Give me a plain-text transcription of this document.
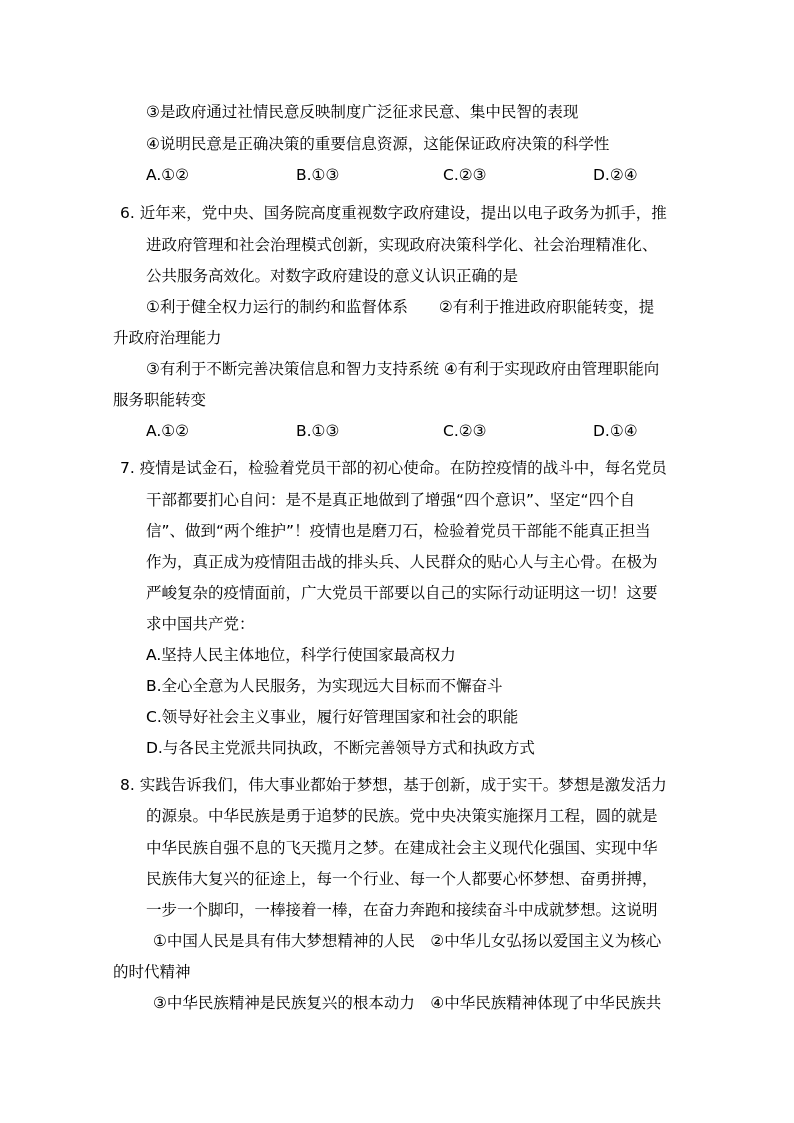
③是政府通过社情民意反映制度广泛征求民意、集中民智的表现
④说明民意是正确决策的重要信息资源，这能保证政府决策的科学性
A.①②	B.①③	C.②③	D.②④
6. 近年来，党中央、国务院高度重视数字政府建设，提出以电子政务为抓手，推
进政府管理和社会治理模式创新，实现政府决策科学化、社会治理精准化、
公共服务高效化。对数字政府建设的意义认识正确的是
①利于健全权力运行的制约和监督体系　　②有利于推进政府职能转变，提
升政府治理能力
③有利于不断完善决策信息和智力支持系统 ④有利于实现政府由管理职能向
服务职能转变
A.①②	B.①③	C.②③	D.①④
7. 疫情是试金石，检验着党员干部的初心使命。在防控疫情的战斗中，每名党员
干部都要扪心自问：是不是真正地做到了增强“四个意识”、坚定“四个自
信”、做到“两个维护”！疫情也是磨刀石，检验着党员干部能不能真正担当
作为，真正成为疫情阻击战的排头兵、人民群众的贴心人与主心骨。在极为
严峻复杂的疫情面前，广大党员干部要以自己的实际行动证明这一切！这要
求中国共产党：
A.坚持人民主体地位，科学行使国家最高权力
B.全心全意为人民服务，为实现远大目标而不懈奋斗
C.领导好社会主义事业，履行好管理国家和社会的职能
D.与各民主党派共同执政，不断完善领导方式和执政方式
8. 实践告诉我们，伟大事业都始于梦想，基于创新，成于实干。梦想是激发活力
的源泉。中华民族是勇于追梦的民族。党中央决策实施探月工程，圆的就是
中华民族自强不息的飞天揽月之梦。在建成社会主义现代化强国、实现中华
民族伟大复兴的征途上，每一个行业、每一个人都要心怀梦想、奋勇拼搏，
一步一个脚印，一棒接着一棒，在奋力奔跑和接续奋斗中成就梦想。这说明
①中国人民是具有伟大梦想精神的人民　②中华儿女弘扬以爱国主义为核心
的时代精神
③中华民族精神是民族复兴的根本动力　④中华民族精神体现了中华民族共
